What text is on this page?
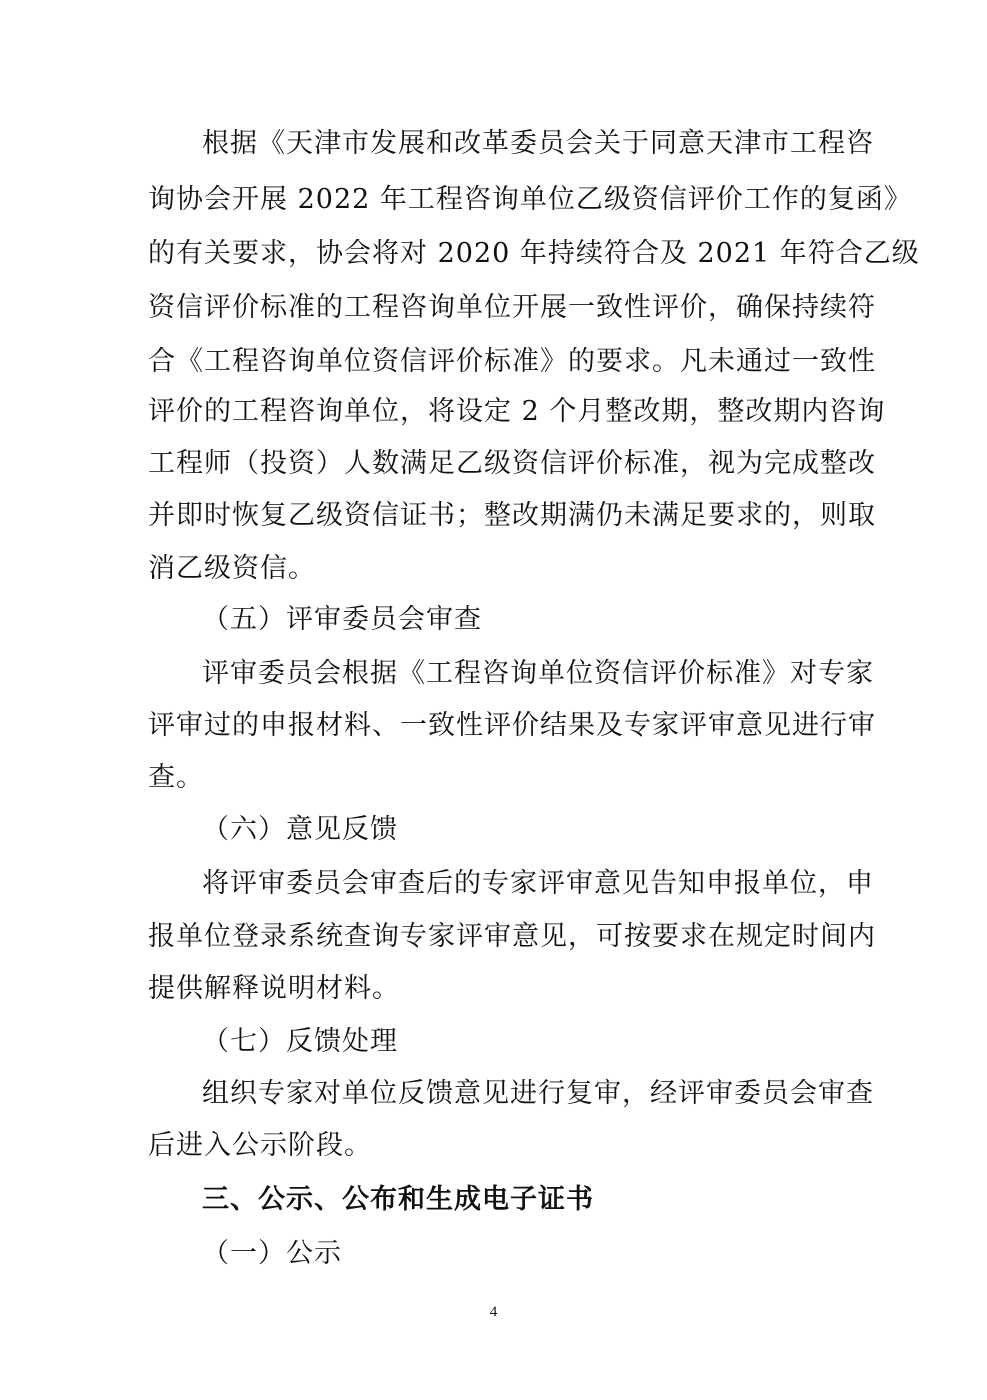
根据《天津市发展和改革委员会关于同意天津市工程咨
询协会开展 2022 年工程咨询单位乙级资信评价工作的复函》
的有关要求，协会将对 2020 年持续符合及 2021 年符合乙级
资信评价标准的工程咨询单位开展一致性评价，确保持续符
合《工程咨询单位资信评价标准》的要求。凡未通过一致性
评价的工程咨询单位，将设定 2 个月整改期，整改期内咨询
工程师（投资）人数满足乙级资信评价标准，视为完成整改
并即时恢复乙级资信证书；整改期满仍未满足要求的，则取
消乙级资信。
（五）评审委员会审查
评审委员会根据《工程咨询单位资信评价标准》对专家
评审过的申报材料、一致性评价结果及专家评审意见进行审
查。
（六）意见反馈
将评审委员会审查后的专家评审意见告知申报单位，申
报单位登录系统查询专家评审意见，可按要求在规定时间内
提供解释说明材料。
（七）反馈处理
组织专家对单位反馈意见进行复审，经评审委员会审查
后进入公示阶段。
三、公示、公布和生成电子证书
（一）公示
4
